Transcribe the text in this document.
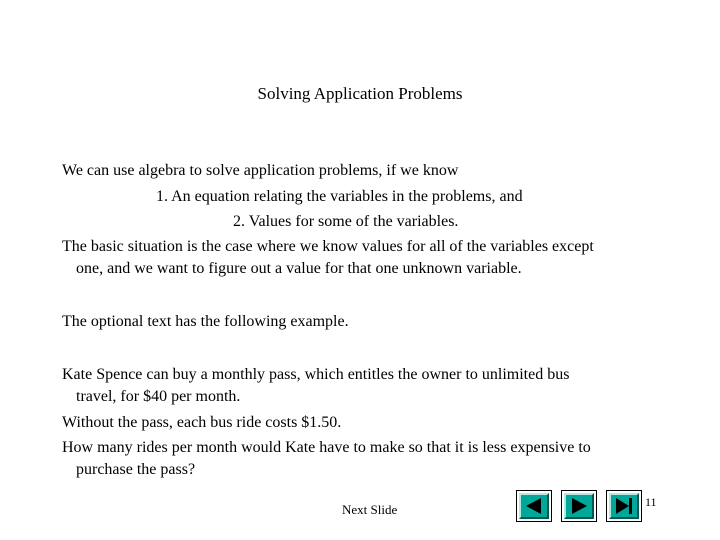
Solving Application Problems
We can use algebra to solve application problems, if we know
1. An equation relating the variables in the problems, and
2. Values for some of the variables.
The basic situation is the case where we know values for all of the variables except
one, and we want to figure out a value for that one unknown variable.
The optional text has the following example.
Kate Spence can buy a monthly pass, which entitles the owner to unlimited bus
travel, for $40 per month.
Without the pass, each bus ride costs $1.50.
How many rides per month would Kate have to make so that it is less expensive to
purchase the pass?
Next Slide	11
